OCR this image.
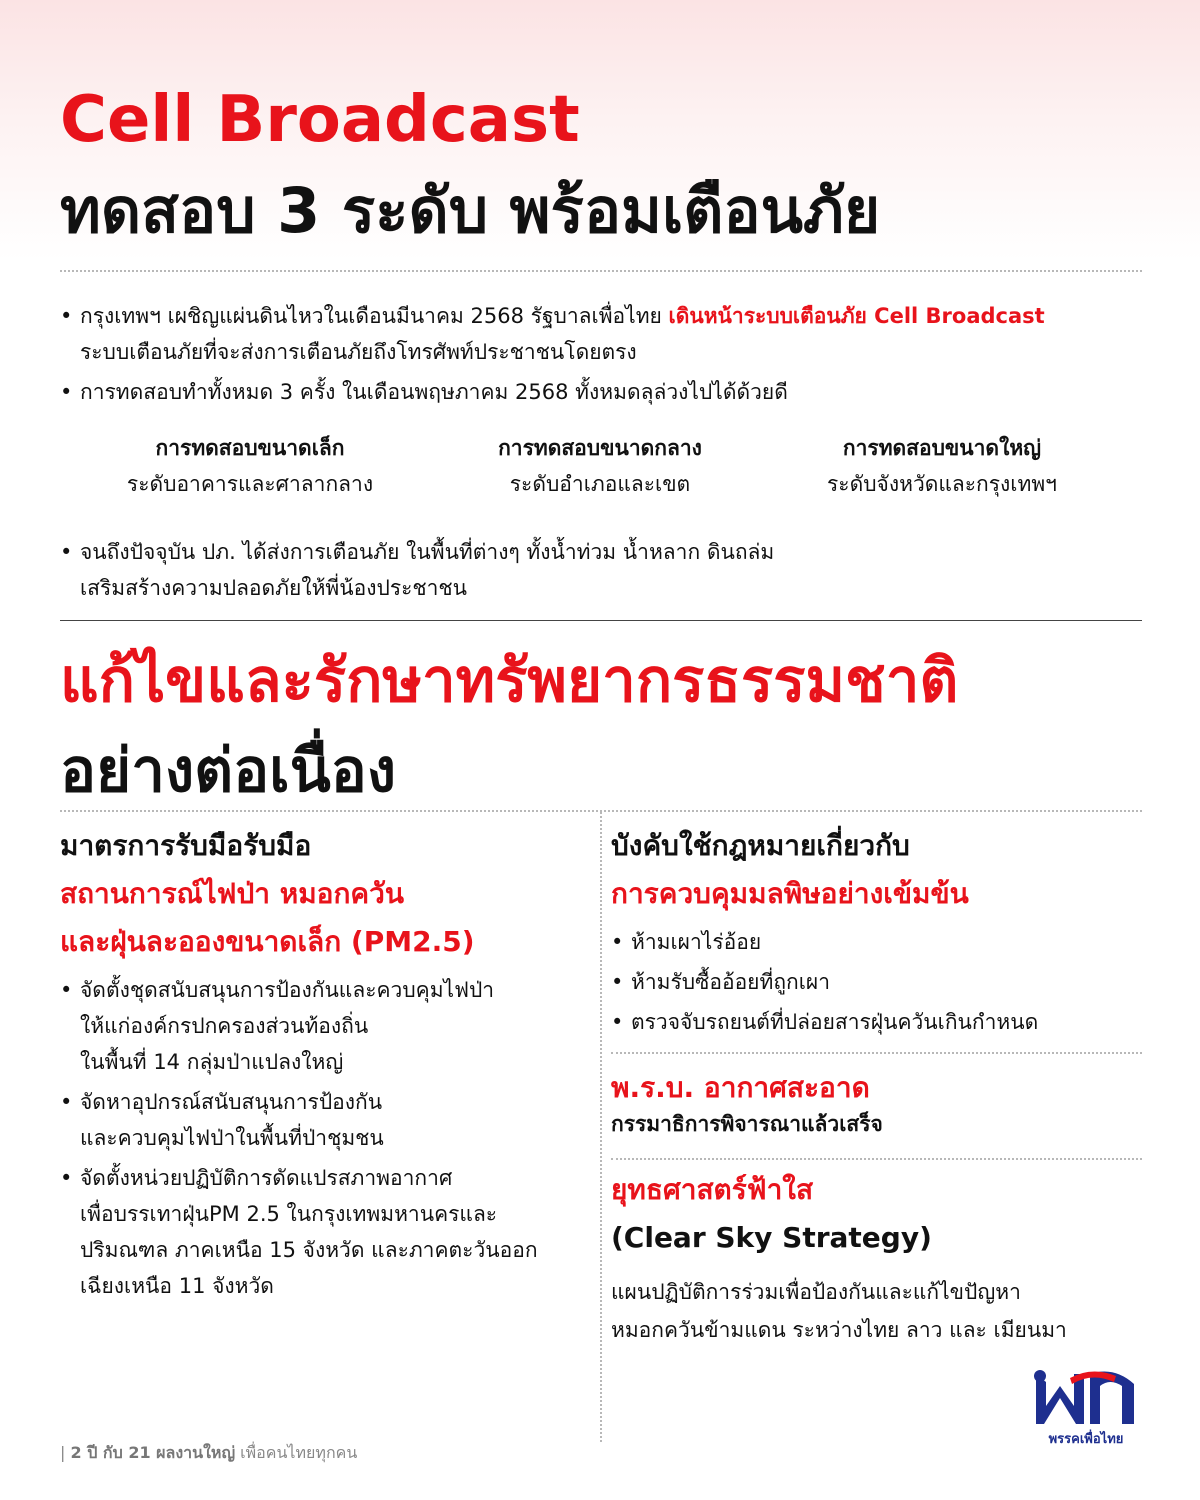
Cell Broadcast
ทดสอบ 3 ระดับ พร้อมเตือนภัย
• กรุงเทพฯ เผชิญแผ่นดินไหวในเดือนมีนาคม 2568 รัฐบาลเพื่อไทย เดินหน้าระบบเตือนภัย Cell Broadcast
ระบบเตือนภัยที่จะส่งการเตือนภัยถึงโทรศัพท์ประชาชนโดยตรง
• การทดสอบทำทั้งหมด 3 ครั้ง ในเดือนพฤษภาคม 2568 ทั้งหมดลุล่วงไปได้ด้วยดี
การทดสอบขนาดเล็ก
ระดับอาคารและศาลากลาง
การทดสอบขนาดกลาง
ระดับอำเภอและเขต
การทดสอบขนาดใหญ่
ระดับจังหวัดและกรุงเทพฯ
• จนถึงปัจจุบัน ปภ. ได้ส่งการเตือนภัย ในพื้นที่ต่างๆ ทั้งน้ำท่วม น้ำหลาก ดินถล่ม
เสริมสร้างความปลอดภัยให้พี่น้องประชาชน
แก้ไขและรักษาทรัพยากรธรรมชาติ
อย่างต่อเนื่อง
มาตรการรับมือรับมือ
สถานการณ์ไฟป่า หมอกควัน
และฝุ่นละอองขนาดเล็ก (PM2.5)
• จัดตั้งชุดสนับสนุนการป้องกันและควบคุมไฟป่า
ให้แก่องค์กรปกครองส่วนท้องถิ่น
ในพื้นที่ 14 กลุ่มป่าแปลงใหญ่
• จัดหาอุปกรณ์สนับสนุนการป้องกัน
และควบคุมไฟป่าในพื้นที่ป่าชุมชน
• จัดตั้งหน่วยปฏิบัติการดัดแปรสภาพอากาศ
เพื่อบรรเทาฝุ่นPM 2.5 ในกรุงเทพมหานครและ
ปริมณฑล ภาคเหนือ 15 จังหวัด และภาคตะวันออก
เฉียงเหนือ 11 จังหวัด
บังคับใช้กฎหมายเกี่ยวกับ
การควบคุมมลพิษอย่างเข้มข้น
• ห้ามเผาไร่อ้อย
• ห้ามรับซื้ออ้อยที่ถูกเผา
• ตรวจจับรถยนต์ที่ปล่อยสารฝุ่นควันเกินกำหนด
พ.ร.บ. อากาศสะอาด
กรรมาธิการพิจารณาแล้วเสร็จ
ยุทธศาสตร์ฟ้าใส
(Clear Sky Strategy)
แผนปฏิบัติการร่วมเพื่อป้องกันและแก้ไขปัญหา
หมอกควันข้ามแดน ระหว่างไทย ลาว และ เมียนมา
พรรคเพื่อไทย
| 2 ปี กับ 21 ผลงานใหญ่ เพื่อคนไทยทุกคน
